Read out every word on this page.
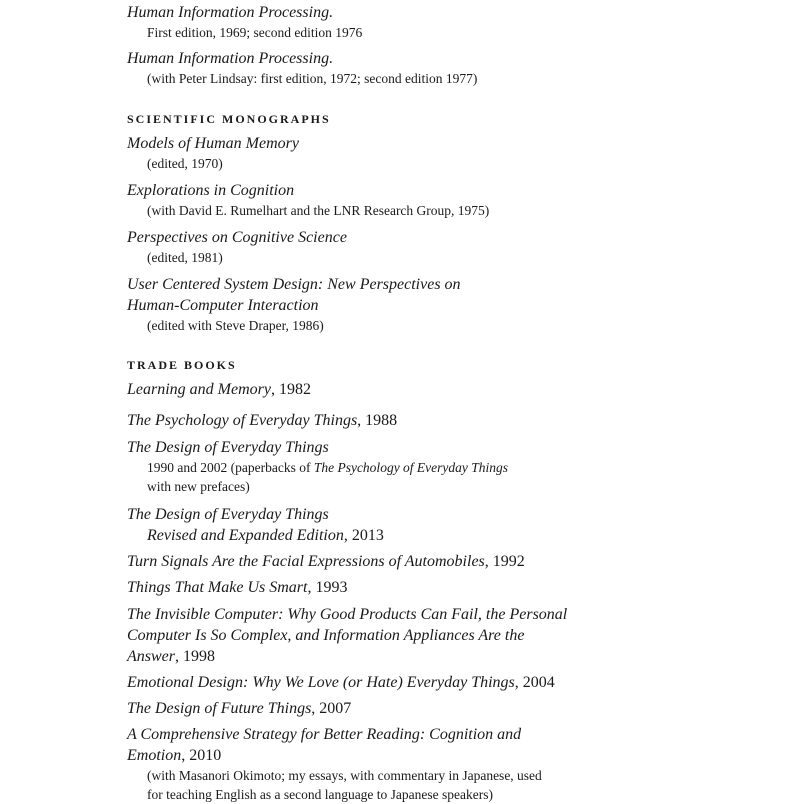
Human Information Processing.
First edition, 1969; second edition 1976
Human Information Processing.
(with Peter Lindsay: first edition, 1972; second edition 1977)
SCIENTIFIC MONOGRAPHS
Models of Human Memory
(edited, 1970)
Explorations in Cognition
(with David E. Rumelhart and the LNR Research Group, 1975)
Perspectives on Cognitive Science
(edited, 1981)
User Centered System Design: New Perspectives on
Human-Computer Interaction
(edited with Steve Draper, 1986)
TRADE BOOKS
Learning and Memory, 1982
The Psychology of Everyday Things, 1988
The Design of Everyday Things
1990 and 2002 (paperbacks of The Psychology of Everyday Things
with new prefaces)
The Design of Everyday Things
Revised and Expanded Edition, 2013
Turn Signals Are the Facial Expressions of Automobiles, 1992
Things That Make Us Smart, 1993
The Invisible Computer: Why Good Products Can Fail, the Personal
Computer Is So Complex, and Information Appliances Are the
Answer, 1998
Emotional Design: Why We Love (or Hate) Everyday Things, 2004
The Design of Future Things, 2007
A Comprehensive Strategy for Better Reading: Cognition and
Emotion, 2010
(with Masanori Okimoto; my essays, with commentary in Japanese, used
for teaching English as a second language to Japanese speakers)
